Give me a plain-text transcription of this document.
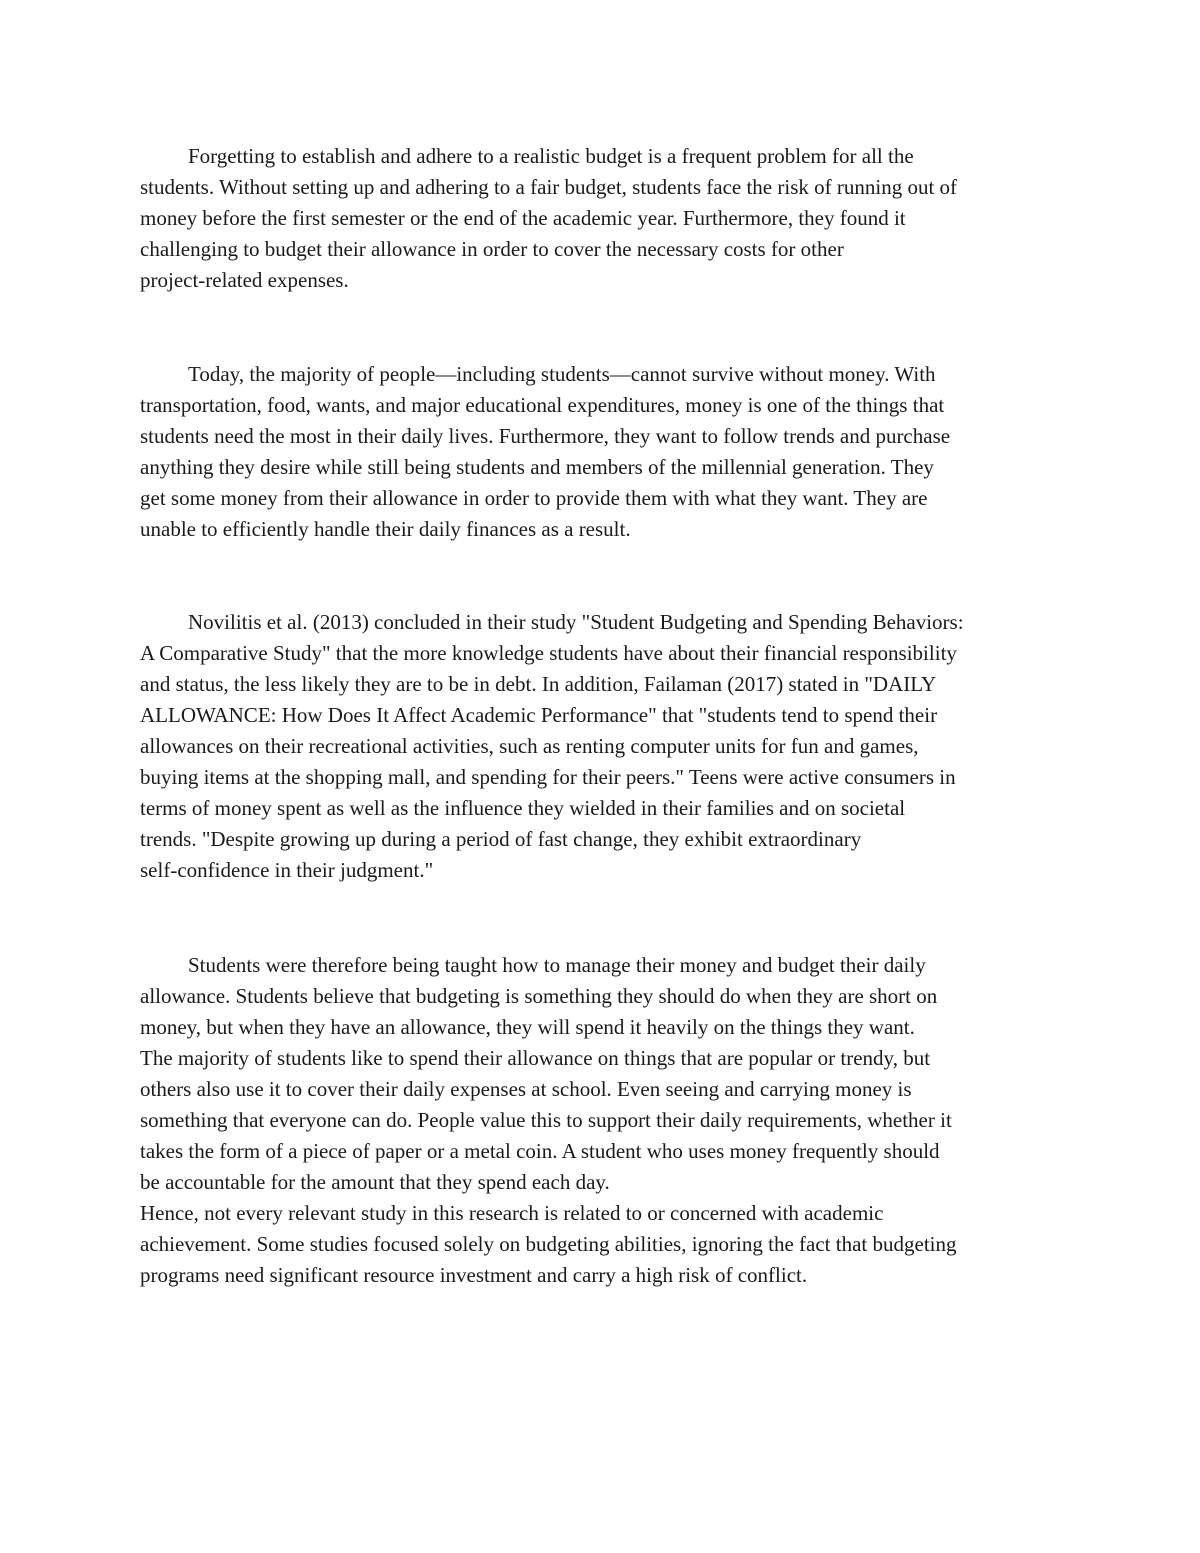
Forgetting to establish and adhere to a realistic budget is a frequent problem for all the
students. Without setting up and adhering to a fair budget, students face the risk of running out of
money before the first semester or the end of the academic year. Furthermore, they found it
challenging to budget their allowance in order to cover the necessary costs for other
project-related expenses.
Today, the majority of people—including students—cannot survive without money. With
transportation, food, wants, and major educational expenditures, money is one of the things that
students need the most in their daily lives. Furthermore, they want to follow trends and purchase
anything they desire while still being students and members of the millennial generation. They
get some money from their allowance in order to provide them with what they want. They are
unable to efficiently handle their daily finances as a result.
Novilitis et al. (2013) concluded in their study "Student Budgeting and Spending Behaviors:
A Comparative Study" that the more knowledge students have about their financial responsibility
and status, the less likely they are to be in debt. In addition, Failaman (2017) stated in "DAILY
ALLOWANCE: How Does It Affect Academic Performance" that "students tend to spend their
allowances on their recreational activities, such as renting computer units for fun and games,
buying items at the shopping mall, and spending for their peers." Teens were active consumers in
terms of money spent as well as the influence they wielded in their families and on societal
trends. "Despite growing up during a period of fast change, they exhibit extraordinary
self-confidence in their judgment."
Students were therefore being taught how to manage their money and budget their daily
allowance. Students believe that budgeting is something they should do when they are short on
money, but when they have an allowance, they will spend it heavily on the things they want.
The majority of students like to spend their allowance on things that are popular or trendy, but
others also use it to cover their daily expenses at school. Even seeing and carrying money is
something that everyone can do. People value this to support their daily requirements, whether it
takes the form of a piece of paper or a metal coin. A student who uses money frequently should
be accountable for the amount that they spend each day.
Hence, not every relevant study in this research is related to or concerned with academic
achievement. Some studies focused solely on budgeting abilities, ignoring the fact that budgeting
programs need significant resource investment and carry a high risk of conflict.
